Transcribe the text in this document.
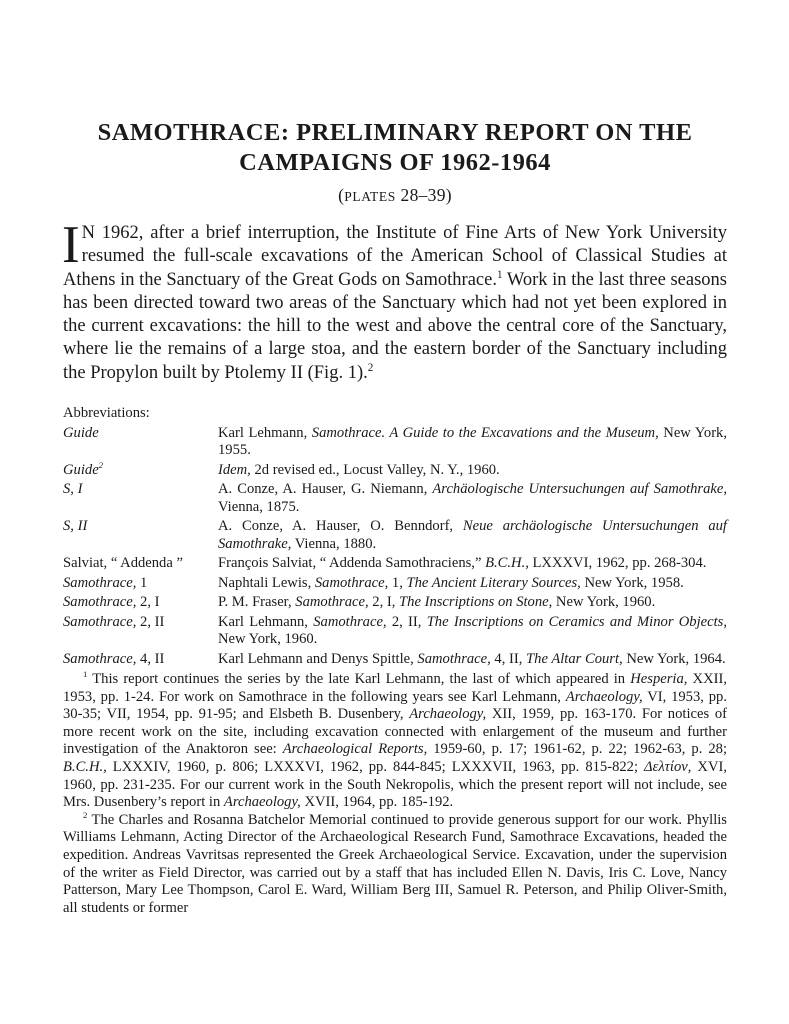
SAMOTHRACE: PRELIMINARY REPORT ON THE
CAMPAIGNS OF 1962-1964
(PLATES 28–39)
I N 1962, after a brief interruption, the Institute of Fine Arts of New York University resumed the full-scale excavations of the American School of Classical Studies at Athens in the Sanctuary of the Great Gods on Samothrace.$^1$ Work in the last three seasons has been directed toward two areas of the Sanctuary which had not yet been explored in the current excavations: the hill to the west and above the central core of the Sanctuary, where lie the remains of a large stoa, and the eastern border of the Sanctuary including the Propylon built by Ptolemy II (Fig. 1).$^2$
Abbreviations:
Guide	Karl Lehmann, Samothrace. A Guide to the Excavations and the Museum, New York, 1955.
Guide$^2$	Idem, 2d revised ed., Locust Valley, N. Y., 1960.
S, I	A. Conze, A. Hauser, G. Niemann, Archäologische Untersuchungen auf Samothrake, Vienna, 1875.
S, II	A. Conze, A. Hauser, O. Benndorf, Neue archäologische Untersuchungen auf Samothrake, Vienna, 1880.
Salviat, “ Addenda ”	François Salviat, “ Addenda Samothraciens,” B.C.H., LXXXVI, 1962, pp. 268-304.
Samothrace, 1	Naphtali Lewis, Samothrace, 1, The Ancient Literary Sources, New York, 1958.
Samothrace, 2, I	P. M. Fraser, Samothrace, 2, I, The Inscriptions on Stone, New York, 1960.
Samothrace, 2, II	Karl Lehmann, Samothrace, 2, II, The Inscriptions on Ceramics and Minor Objects, New York, 1960.
Samothrace, 4, II	Karl Lehmann and Denys Spittle, Samothrace, 4, II, The Altar Court, New York, 1964.

$^1$ This report continues the series by the late Karl Lehmann, the last of which appeared in Hesperia, XXII, 1953, pp. 1-24. For work on Samothrace in the following years see Karl Lehmann, Archaeology, VI, 1953, pp. 30-35; VII, 1954, pp. 91-95; and Elsbeth B. Dusenbery, Archaeology, XII, 1959, pp. 163-170. For notices of more recent work on the site, including excavation connected with enlargement of the museum and further investigation of the Anaktoron see: Archaeological Reports, 1959-60, p. 17; 1961-62, p. 22; 1962-63, p. 28; B.C.H., LXXXIV, 1960, p. 806; LXXXVI, 1962, pp. 844-845; LXXXVII, 1963, pp. 815-822; Δελτίον, XVI, 1960, pp. 231-235. For our current work in the South Nekropolis, which the present report will not include, see Mrs. Dusenbery’s report in Archaeology, XVII, 1964, pp. 185-192.

$^2$ The Charles and Rosanna Batchelor Memorial continued to provide generous support for our work. Phyllis Williams Lehmann, Acting Director of the Archaeological Research Fund, Samothrace Excavations, headed the expedition. Andreas Vavritsas represented the Greek Archaeological Service. Excavation, under the supervision of the writer as Field Director, was carried out by a staff that has included Ellen N. Davis, Iris C. Love, Nancy Patterson, Mary Lee Thompson, Carol E. Ward, William Berg III, Samuel R. Peterson, and Philip Oliver-Smith, all students or former
